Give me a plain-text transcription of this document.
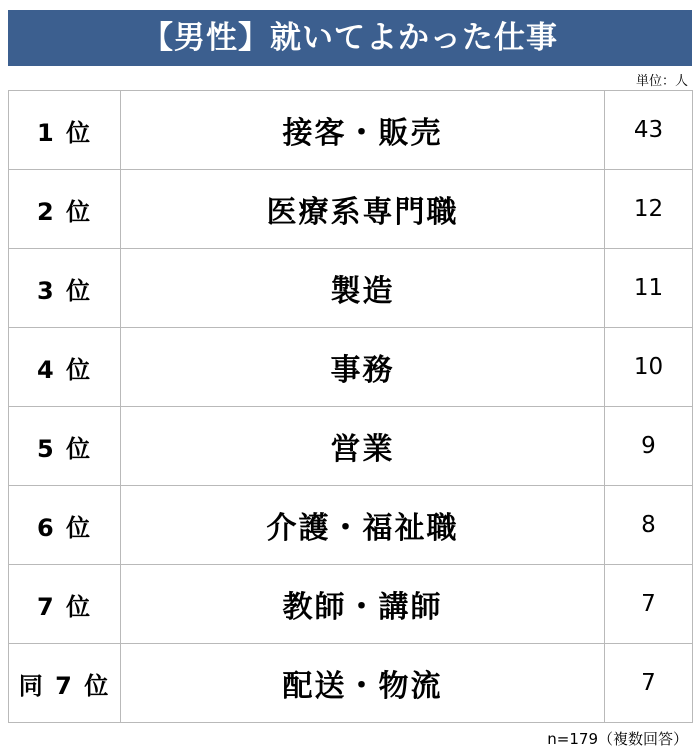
【男性】就いてよかった仕事
単位：人
1 位	接客・販売	43
2 位	医療系専門職	12
3 位	製造	11
4 位	事務	10
5 位	営業	9
6 位	介護・福祉職	8
7 位	教師・講師	7
同 7 位	配送・物流	7
n=179（複数回答）
